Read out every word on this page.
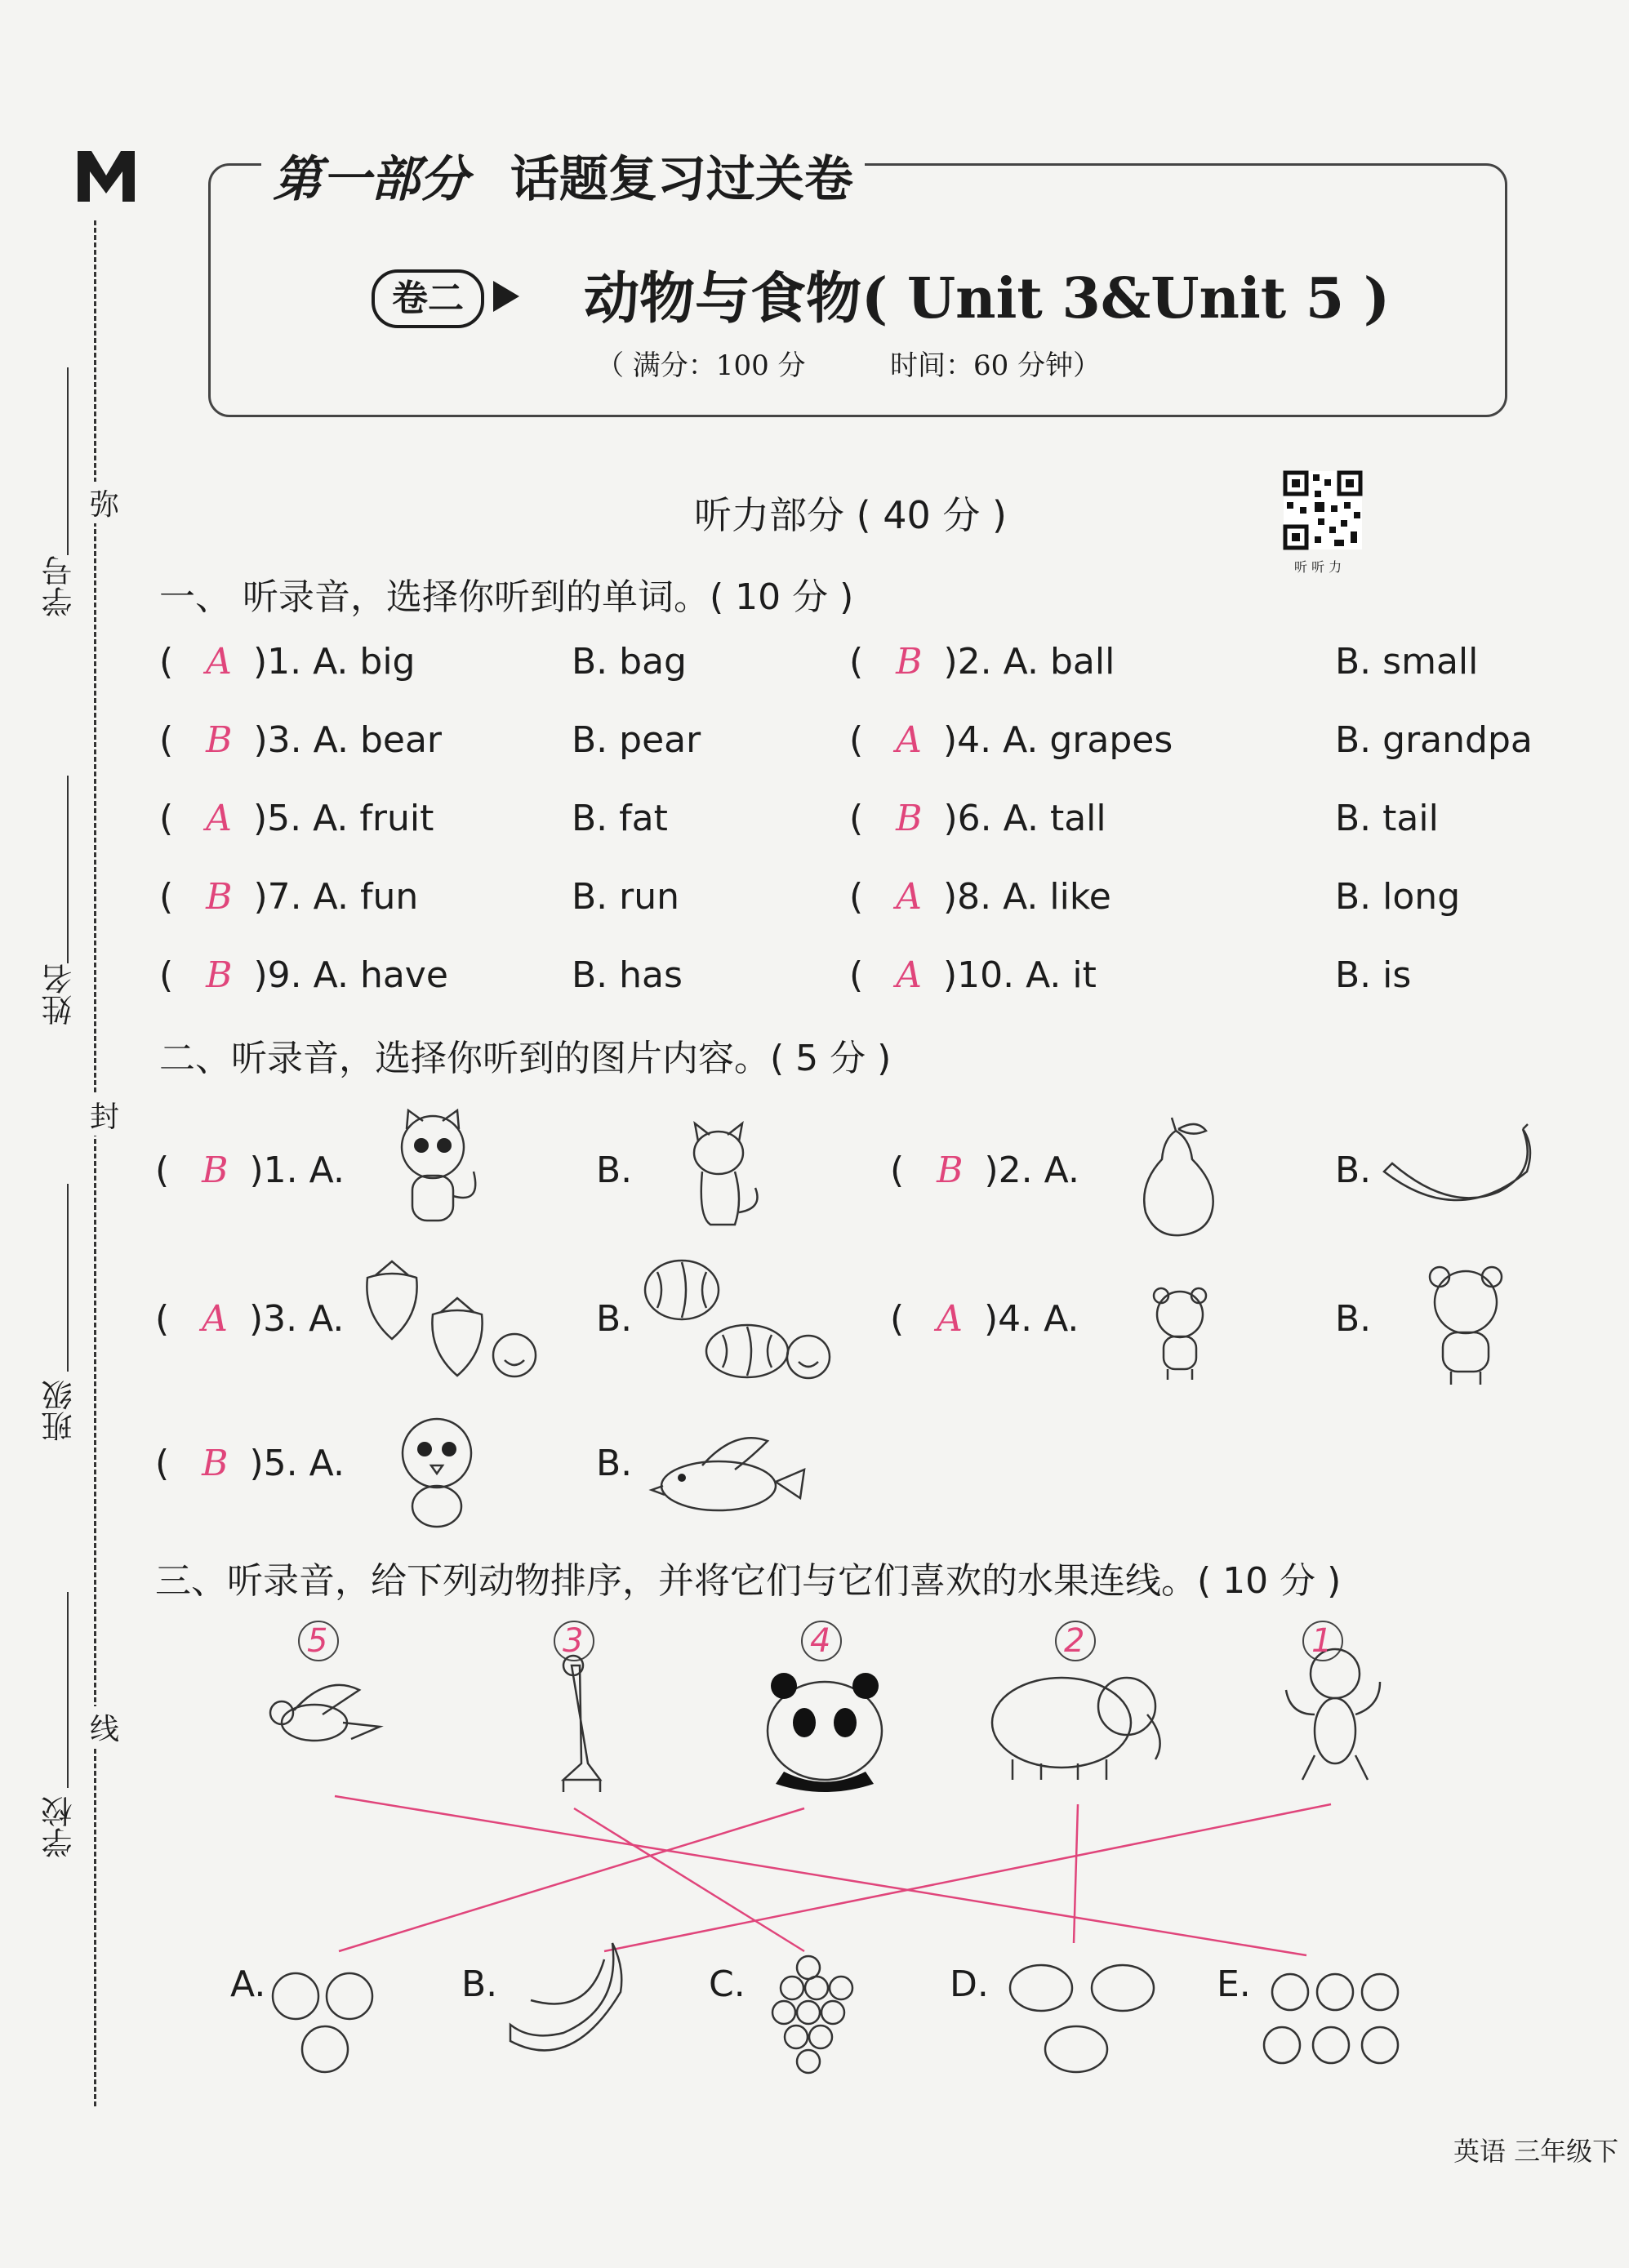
学号
姓名
班级
学校
弥
封
线
第一部分 话题复习过关卷
卷二	动物与食物( Unit 3&Unit 5 )
（ 满分：100 分	时间：60 分钟）
听力部分 ( 40 分 )
听 听 力
一、 听录音，选择你听到的单词。( 10 分 )
( A )1. A. big	B. bag	( B )2. A. ball	B. small
( B )3. A. bear	B. pear	( A )4. A. grapes	B. grandpa
( A )5. A. fruit	B. fat	( B )6. A. tall	B. tail
( B )7. A. fun	B. run	( A )8. A. like	B. long
( B )9. A. have	B. has	( A )10. A. it	B. is
二、听录音，选择你听到的图片内容。( 5 分 )
( B )1. A.	B.	( B )2. A.	B.
( A )3. A.	B.	( A )4. A.	B.
( B )5. A.	B.
三、听录音，给下列动物排序，并将它们与它们喜欢的水果连线。( 10 分 )
5	3	4	2	1
A.	B.	C.	D.	E.
英语 三年级下
